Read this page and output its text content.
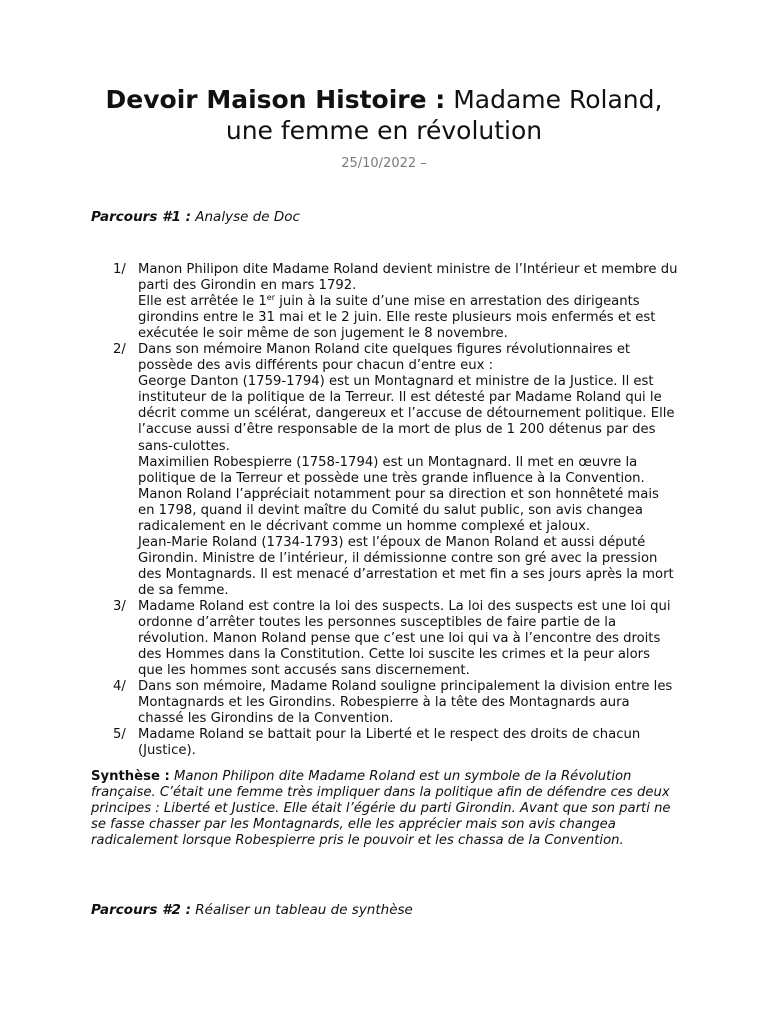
Devoir Maison Histoire : Madame Roland,
une femme en révolution
25/10/2022 –
Parcours #1 : Analyse de Doc
1/ Manon Philipon dite Madame Roland devient ministre de l’Intérieur et membre du parti des Girondin en mars 1792.

Elle est arrêtée le 1er juin à la suite d’une mise en arrestation des dirigeants girondins entre le 31 mai et le 2 juin. Elle reste plusieurs mois enfermés et est exécutée le soir même de son jugement le 8 novembre.

2/ Dans son mémoire Manon Roland cite quelques figures révolutionnaires et possède des avis différents pour chacun d’entre eux :

George Danton (1759-1794) est un Montagnard et ministre de la Justice. Il est instituteur de la politique de la Terreur. Il est détesté par Madame Roland qui le décrit comme un scélérat, dangereux et l’accuse de détournement politique. Elle l’accuse aussi d’être responsable de la mort de plus de 1 200 détenus par des sans-culottes.

Maximilien Robespierre (1758-1794) est un Montagnard. Il met en œuvre la politique de la Terreur et possède une très grande influence à la Convention. Manon Roland l’appréciait notamment pour sa direction et son honnêteté mais en 1798, quand il devint maître du Comité du salut public, son avis changea radicalement en le décrivant comme un homme complexé et jaloux.

Jean-Marie Roland (1734-1793) est l’époux de Manon Roland et aussi député Girondin. Ministre de l’intérieur, il démissionne contre son gré avec la pression des Montagnards. Il est menacé d’arrestation et met fin a ses jours après la mort de sa femme.

3/ Madame Roland est contre la loi des suspects. La loi des suspects est une loi qui ordonne d’arrêter toutes les personnes susceptibles de faire partie de la révolution. Manon Roland pense que c’est une loi qui va à l’encontre des droits des Hommes dans la Constitution. Cette loi suscite les crimes et la peur alors que les hommes sont accusés sans discernement.

4/ Dans son mémoire, Madame Roland souligne principalement la division entre les Montagnards et les Girondins. Robespierre à la tête des Montagnards aura chassé les Girondins de la Convention.

5/ Madame Roland se battait pour la Liberté et le respect des droits de chacun (Justice).

Synthèse : Manon Philipon dite Madame Roland est un symbole de la Révolution française. C’était une femme très impliquer dans la politique afin de défendre ces deux principes : Liberté et Justice. Elle était l’égérie du parti Girondin. Avant que son parti ne se fasse chasser par les Montagnards, elle les apprécier mais son avis changea radicalement lorsque Robespierre pris le pouvoir et les chassa de la Convention.

Parcours #2 : Réaliser un tableau de synthèse
